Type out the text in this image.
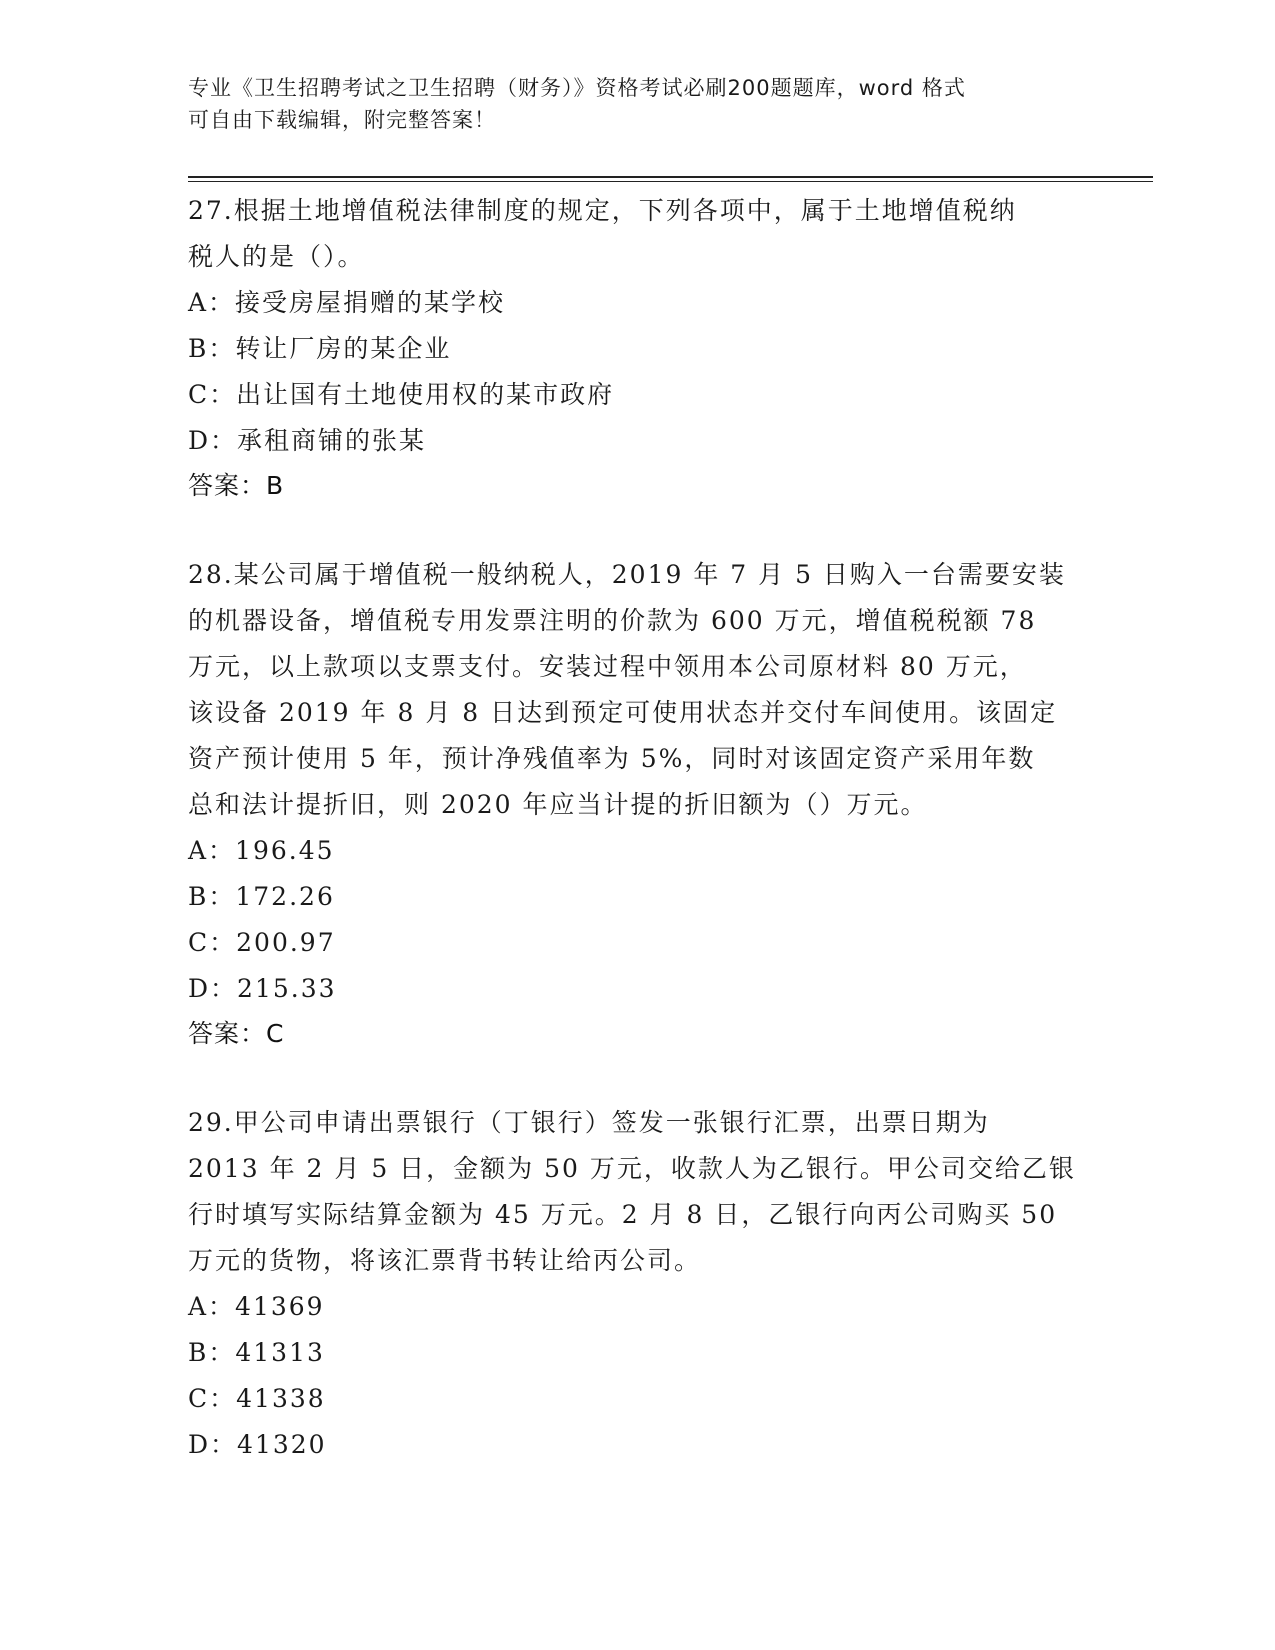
专业《卫生招聘考试之卫生招聘（财务）》资格考试必刷200题题库，word 格式
可自由下载编辑，附完整答案！
27.根据土地增值税法律制度的规定，下列各项中，属于土地增值税纳
税人的是（）。
A：接受房屋捐赠的某学校
B：转让厂房的某企业
C：出让国有土地使用权的某市政府
D：承租商铺的张某
答案：B
28.某公司属于增值税一般纳税人，2019 年 7 月 5 日购入一台需要安装
的机器设备，增值税专用发票注明的价款为 600 万元，增值税税额 78
万元，以上款项以支票支付。安装过程中领用本公司原材料 80 万元，
该设备 2019 年 8 月 8 日达到预定可使用状态并交付车间使用。该固定
资产预计使用 5 年，预计净残值率为 5%，同时对该固定资产采用年数
总和法计提折旧，则 2020 年应当计提的折旧额为（）万元。
A：196.45
B：172.26
C：200.97
D：215.33
答案：C
29.甲公司申请出票银行（丁银行）签发一张银行汇票，出票日期为
2013 年 2 月 5 日，金额为 50 万元，收款人为乙银行。甲公司交给乙银
行时填写实际结算金额为 45 万元。2 月 8 日，乙银行向丙公司购买 50
万元的货物，将该汇票背书转让给丙公司。
A：41369
B：41313
C：41338
D：41320
